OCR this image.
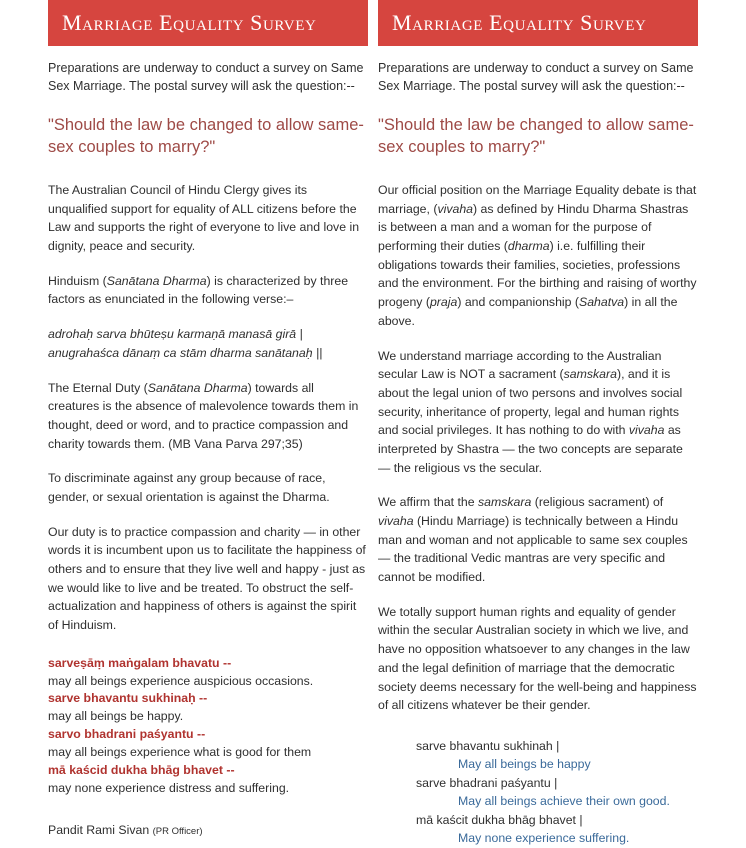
Marriage Equality Survey

Preparations are underway to conduct a survey on Same Sex Marriage. The postal survey will ask the question:--

"Should the law be changed to allow same-sex couples to marry?"

The Australian Council of Hindu Clergy gives its unqualified support for equality of ALL citizens before the Law and supports the right of everyone to live and love in dignity, peace and security.

Hinduism (Sanātana Dharma) is characterized by three factors as enunciated in the following verse:–

adrohaḥ sarva bhūteṣu karmaṇā manasā girā |
anugrahaśca dānaṃ ca stām dharma sanātanaḥ ||

The Eternal Duty (Sanātana Dharma) towards all creatures is the absence of malevolence towards them in thought, deed or word, and to practice compassion and charity towards them. (MB Vana Parva 297;35)

To discriminate against any group because of race, gender, or sexual orientation is against the Dharma.

Our duty is to practice compassion and charity — in other words it is incumbent upon us to facilitate the happiness of others and to ensure that they live well and happy - just as we would like to live and be treated. To obstruct the self-actualization and happiness of others is against the spirit of Hinduism.

sarveṣāṃ maṅgalam bhavatu --
may all beings experience auspicious occasions.
sarve bhavantu sukhinaḥ --
may all beings be happy.
sarvo bhadrani paśyantu --
may all beings experience what is good for them
mā kaścid dukha bhāg bhavet --
may none experience distress and suffering.
Pandit Rami Sivan (PR Officer)
Marriage Equality Survey

Preparations are underway to conduct a survey on Same Sex Marriage. The postal survey will ask the question:--

"Should the law be changed to allow same-sex couples to marry?"

Our official position on the Marriage Equality debate is that marriage, (vivaha) as defined by Hindu Dharma Shastras is between a man and a woman for the purpose of performing their duties (dharma) i.e. fulfilling their obligations towards their families, societies, professions and the environment. For the birthing and raising of worthy progeny (praja) and companionship (Sahatva) in all the above.

We understand marriage according to the Australian secular Law is NOT a sacrament (samskara), and it is about the legal union of two persons and involves social security, inheritance of property, legal and human rights and social privileges. It has nothing to do with vivaha as interpreted by Shastra — the two concepts are separate — the religious vs the secular.

We affirm that the samskara (religious sacrament) of vivaha (Hindu Marriage) is technically between a Hindu man and woman and not applicable to same sex couples — the traditional Vedic mantras are very specific and cannot be modified.

We totally support human rights and equality of gender within the secular Australian society in which we live, and have no opposition whatsoever to any changes in the law and the legal definition of marriage that the democratic society deems necessary for the well-being and happiness of all citizens whatever be their gender.

sarve bhavantu sukhinah |
May all beings be happy
sarve bhadrani paśyantu |
May all beings achieve their own good.
mā kaścit dukha bhāg bhavet |
May none experience suffering.
